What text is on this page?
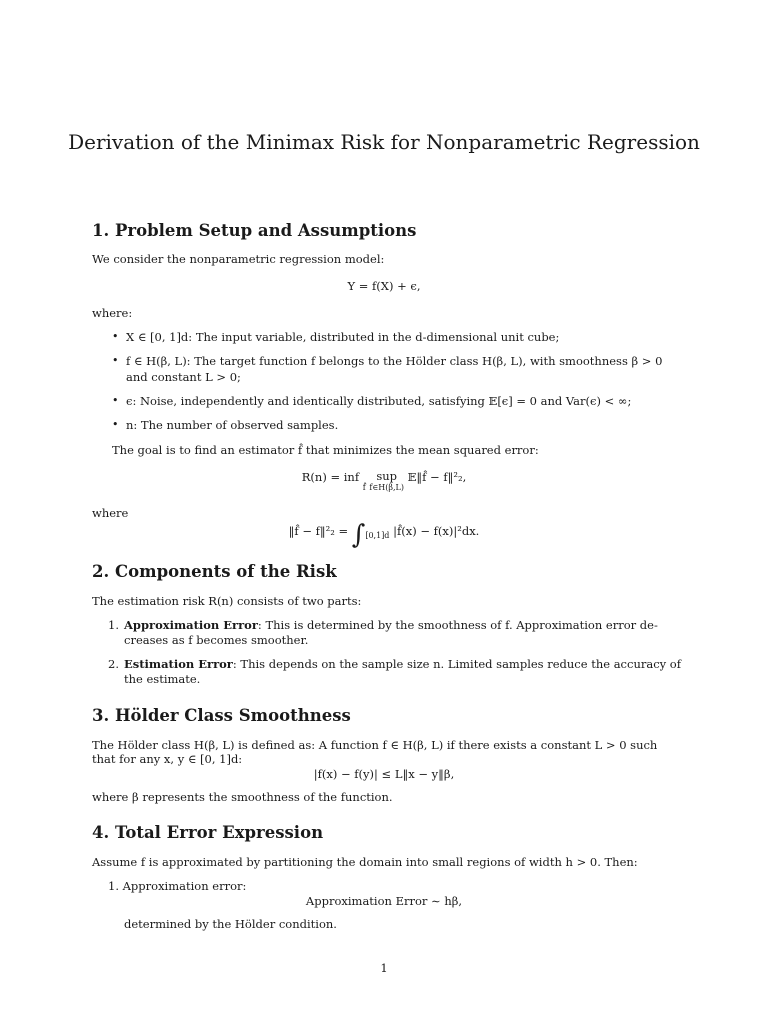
Derivation of the Minimax Risk for Nonparametric Regression
1. Problem Setup and Assumptions

We consider the nonparametric regression model:

Y = f(X) + ϵ,

where:

• X ∈ [0, 1]d: The input variable, distributed in the d-dimensional unit cube;

• f ∈ H(β, L): The target function f belongs to the Hölder class H(β, L), with smoothness β > 0

and constant L > 0;

• ϵ: Noise, independently and identically distributed, satisfying 𝔼[ϵ] = 0 and Var(ϵ) < ∞;

• n: The number of observed samples.

The goal is to find an estimator f̂ that minimizes the mean squared error:

R(n) = inf
f̂
sup
f∈H(β,L)
𝔼‖f̂ − f‖²₂,

where

‖f̂ − f‖²₂ = $\int_{[0,1]d}$ |f̂(x) − f(x)|²dx.
2. Components of the Risk

The estimation risk R(n) consists of two parts:

1. Approximation Error: This is determined by the smoothness of f. Approximation error de-

creases as f becomes smoother.

2. Estimation Error: This depends on the sample size n. Limited samples reduce the accuracy of

the estimate.

3. Hölder Class Smoothness

The Hölder class H(β, L) is defined as: A function f ∈ H(β, L) if there exists a constant L > 0 such

that for any x, y ∈ [0, 1]d:

|f(x) − f(y)| ≤ L‖x − y‖β,

where β represents the smoothness of the function.

4. Total Error Expression

Assume f is approximated by partitioning the domain into small regions of width h > 0. Then:

1. Approximation error:

Approximation Error ∼ hβ,

determined by the Hölder condition.

1
